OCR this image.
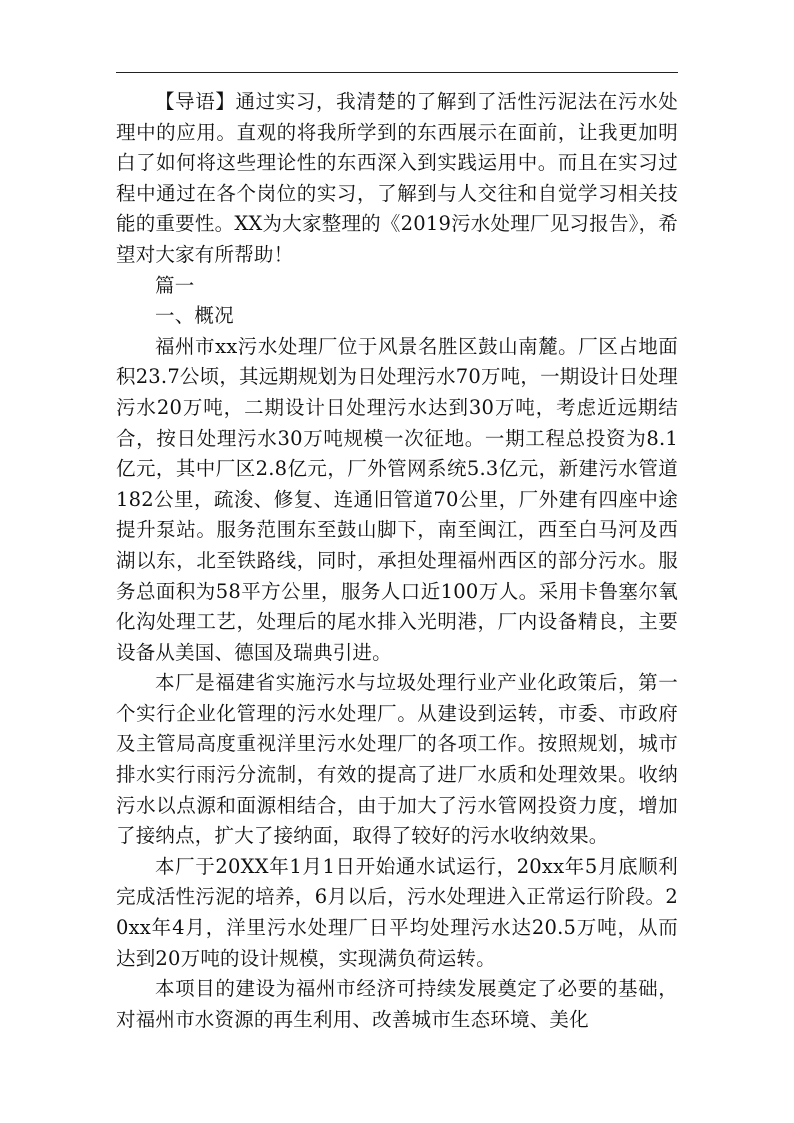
【导语】通过实习，我清楚的了解到了活性污泥法在污水处理中的应用。直观的将我所学到的东西展示在面前，让我更加明白了如何将这些理论性的东西深入到实践运用中。而且在实习过程中通过在各个岗位的实习，了解到与人交往和自觉学习相关技能的重要性。XX为大家整理的《2019污水处理厂见习报告》，希望对大家有所帮助！

篇一

一、概况

福州市xx污水处理厂位于风景名胜区鼓山南麓。厂区占地面积23.7公顷，其远期规划为日处理污水70万吨，一期设计日处理污水20万吨，二期设计日处理污水达到30万吨，考虑近远期结合，按日处理污水30万吨规模一次征地。一期工程总投资为8.1亿元，其中厂区2.8亿元，厂外管网系统5.3亿元，新建污水管道182公里，疏浚、修复、连通旧管道70公里，厂外建有四座中途提升泵站。服务范围东至鼓山脚下，南至闽江，西至白马河及西湖以东，北至铁路线，同时，承担处理福州西区的部分污水。服务总面积为58平方公里，服务人口近100万人。采用卡鲁塞尔氧化沟处理工艺，处理后的尾水排入光明港，厂内设备精良，主要设备从美国、德国及瑞典引进。

本厂是福建省实施污水与垃圾处理行业产业化政策后，第一个实行企业化管理的污水处理厂。从建设到运转，市委、市政府及主管局高度重视洋里污水处理厂的各项工作。按照规划，城市排水实行雨污分流制，有效的提高了进厂水质和处理效果。收纳污水以点源和面源相结合，由于加大了污水管网投资力度，增加了接纳点，扩大了接纳面，取得了较好的污水收纳效果。

本厂于20XX年1月1日开始通水试运行，20xx年5月底顺利完成活性污泥的培养，6月以后，污水处理进入正常运行阶段。20xx年4月，洋里污水处理厂日平均处理污水达20.5万吨，从而达到20万吨的设计规模，实现满负荷运转。

本项目的建设为福州市经济可持续发展奠定了必要的基础，对福州市水资源的再生利用、改善城市生态环境、美化
